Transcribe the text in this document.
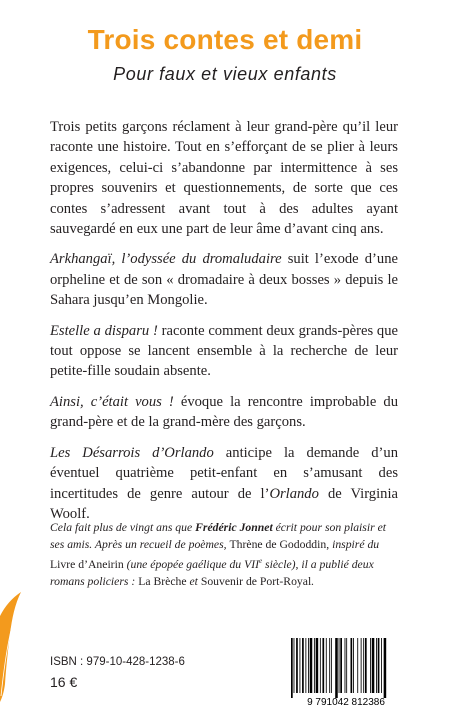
Trois contes et demi
Pour faux et vieux enfants

Trois petits garçons réclament à leur grand-père qu’il leur raconte une histoire. Tout en s’efforçant de se plier à leurs exigences, celui-ci s’abandonne par intermittence à ses propres souvenirs et questionnements, de sorte que ces contes s’adressent avant tout à des adultes ayant sauvegardé en eux une part de leur âme d’avant cinq ans.

Arkhangaï, l’odyssée du dromaludaire suit l’exode d’une orpheline et de son « dromadaire à deux bosses » depuis le Sahara jusqu’en Mongolie.

Estelle a disparu ! raconte comment deux grands-pères que tout oppose se lancent ensemble à la recherche de leur petite-fille soudain absente.

Ainsi, c’était vous ! évoque la rencontre improbable du grand-père et de la grand-mère des garçons.

Les Désarrois d’Orlando anticipe la demande d’un éventuel quatrième petit-enfant en s’amusant des incertitudes de genre autour de l’Orlando de Virginia Woolf.

Cela fait plus de vingt ans que Frédéric Jonnet écrit pour son plaisir et ses amis. Après un recueil de poèmes, Thrène de Gododdin, inspiré du Livre d’Aneirin (une épopée gaélique du VIIe siècle), il a publié deux romans policiers : La Brèche et Souvenir de Port-Royal.
ISBN : 979-10-428-1238-6
16 €
9 791042 812386
